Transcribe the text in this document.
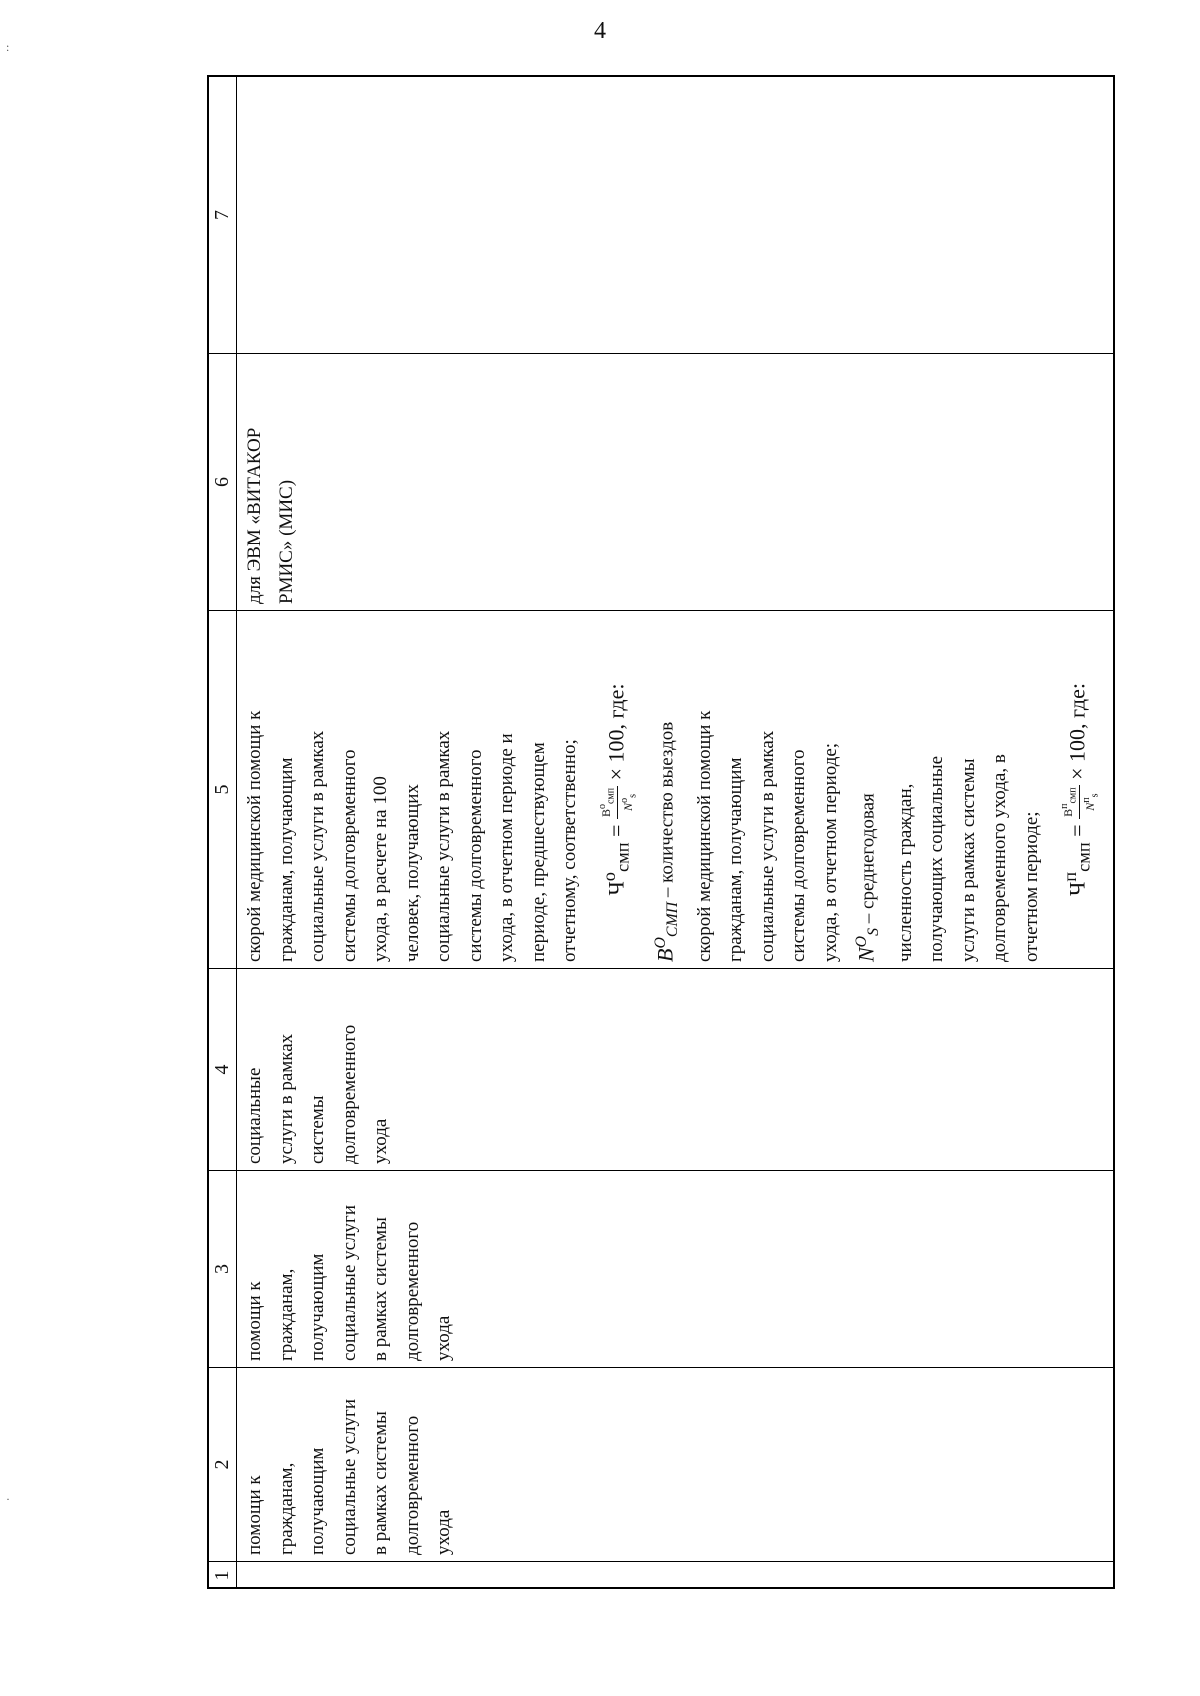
4
:
·
1
2
помощи к гражданам, получающим социальные услуги в рамках системы долговременного ухода
3
помощи к гражданам, получающим социальные услуги в рамках системы долговременного ухода
4 социальные услуги в рамках системы долговременного ухода
5 скорой медицинской помощи к гражданам, получающим социальные услуги в рамках системы долговременного ухода, в расчете на 100 человек, получающих социальные услуги в рамках системы долговременного ухода, в отчетном периоде и периоде, предшествующем отчетному, соответственно;	$Ч^о_{смп}$ =
$В^о_{смп}$
$N^о_s$
× 100, где:
$B^O_{СМП}$ – количество выездов скорой медицинской помощи к гражданам, получающим социальные услуги в рамках системы долговременного ухода, в отчетном периоде; $N^O_S$ – среднегодовая численность граждан, получающих социальные услуги в рамках системы долговременного ухода, в отчетном периоде;	$Ч^п_{смп}$ =
$В^п_{смп}$
$N^п_s$
× 100, где:
6 для ЭВМ «ВИТАКОР РМИС» (МИС)
7
